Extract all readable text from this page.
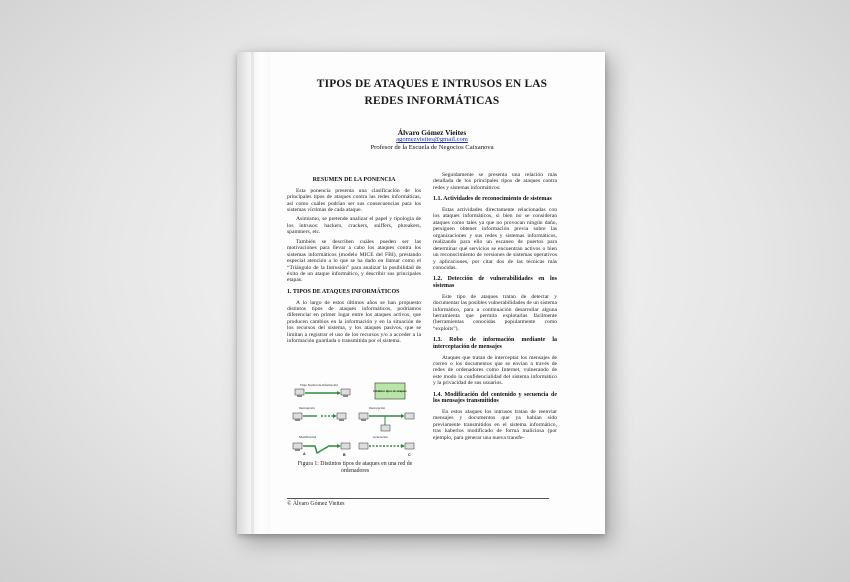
TIPOS DE ATAQUES E INTRUSOS EN LAS
REDES INFORMÁTICAS
Álvaro Gómez Vieites
agomezvieites@gmail.com
Profesor de la Escuela de Negocios Caixanova
RESUMEN DE LA PONENCIA

Esta ponencia presenta una clasificación de los principales tipos de ataques contra las redes informáticas, así como cuáles podrían ser sus consecuencias para los sistemas víctimas de cada ataque.

Asimismo, se pretende analizar el papel y tipología de los intrusos: hackers, crackers, sniffers, phreakers, spammers, etc.

También se describen cuáles pueden ser las motivaciones para llevar a cabo los ataques contra los sistemas informáticos (modelo MICE del FBI), prestando especial atención a lo que se ha dado en llamar como el “Triángulo de la Intrusión” para analizar la posibilidad de éxito de un ataque informático, y describir sus principales etapas.

1. TIPOS DE ATAQUES INFORMÁTICOS

A lo largo de estos últimos años se han propuesto distintos tipos de ataques informáticos, podríamos diferenciar en primer lugar entre los ataques activos, que producen cambios en la información y en la situación de los recursos del sistema, y los ataques pasivos, que se limitan a registrar el uso de los recursos y/o a acceder a la información guardada o transmitida por el sistema.

Flujo Normal de Información
Distintos tipos de ataques
Interrupción	Intercepción
Modificación
A	B
Generación
C
Figura 1: Distintos tipos de ataques en una red de ordenadores

Seguidamente se presenta una relación más detallada de los principales tipos de ataques contra redes y sistemas informáticos:

1.1. Actividades de reconocimiento de sistemas

Estas actividades directamente relacionadas con los ataques informáticos, si bien no se consideran ataques como tales ya que no provocan ningún daño, persiguen obtener información previa sobre las organizaciones y sus redes y sistemas informáticos, realizando para ello un escaneo de puertos para determinar qué servicios se encuentran activos o bien un reconocimiento de versiones de sistemas operativos y aplicaciones, por citar dos de las técnicas más conocidas.

1.2. Detección de vulnerabilidades en los sistemas

Este tipo de ataques tratan de detectar y documentar las posibles vulnerabilidades de un sistema informático, para a continuación desarrollar alguna herramienta que permita explotarlas fácilmente (herramientas conocidas popularmente como “exploits”).

1.3. Robo de información mediante la interceptación de mensajes

Ataques que tratan de interceptar los mensajes de correo o los documentos que se envían a través de redes de ordenadores como Internet, vulnerando de este modo la confidencialidad del sistema informático y la privacidad de sus usuarios.

1.4. Modificación del contenido y secuencia de los mensajes transmitidos

En estos ataques los intrusos tratan de reenviar mensajes y documentos que ya habían sido previamente transmitidos en el sistema informático, tras haberlos modificado de forma maliciosa (por ejemplo, para generar una nueva transfe-

© Álvaro Gómez Vieites
